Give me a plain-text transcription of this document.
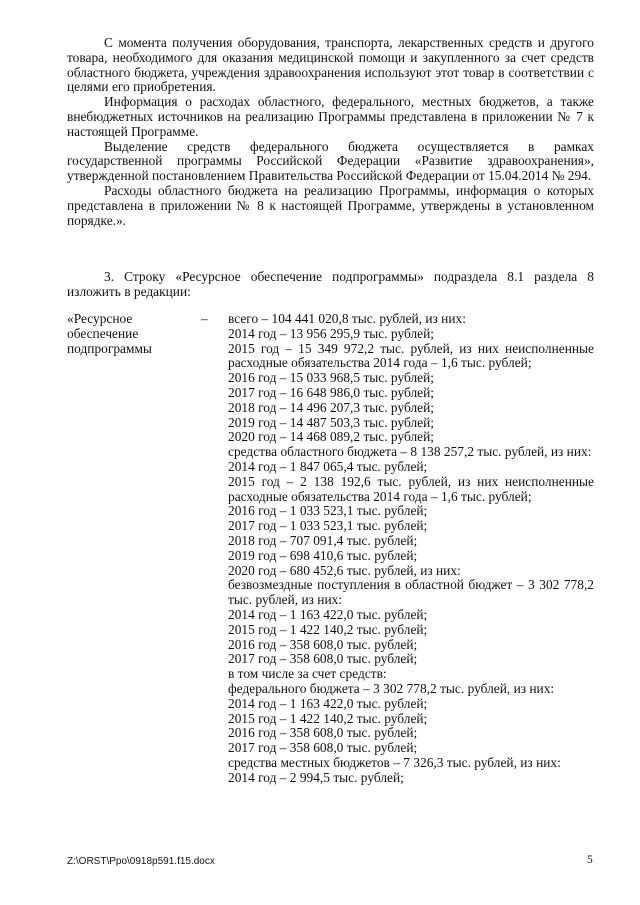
С момента получения оборудования, транспорта, лекарственных средств и другого товара, необходимого для оказания медицинской помощи и закупленного за счет средств областного бюджета, учреждения здравоохранения используют этот товар в соответствии с целями его приобретения.

Информация о расходах областного, федерального, местных бюджетов, а также внебюджетных источников на реализацию Программы представлена в приложении № 7 к настоящей Программе.

Выделение средств федерального бюджета осуществляется в рамках государственной программы Российской Федерации «Развитие здравоохранения», утвержденной постановлением Правительства Российской Федерации от 15.04.2014 № 294.

Расходы областного бюджета на реализацию Программы, информация о которых представлена в приложении № 8 к настоящей Программе, утверждены в установленном порядке.».

3. Строку «Ресурсное обеспечение подпрограммы» подраздела 8.1 раздела 8 изложить в редакции:

«Ресурсное
обеспечение
подпрограммы
– всего – 104 441 020,8 тыс. рублей, из них:

2014 год – 13 956 295,9 тыс. рублей;

2015 год – 15 349 972,2 тыс. рублей, из них неисполненные расходные обязательства 2014 года – 1,6 тыс. рублей;

2016 год – 15 033 968,5 тыс. рублей;

2017 год – 16 648 986,0 тыс. рублей;

2018 год – 14 496 207,3 тыс. рублей;

2019 год – 14 487 503,3 тыс. рублей;

2020 год – 14 468 089,2 тыс. рублей;

средства областного бюджета – 8 138 257,2 тыс. рублей, из них:

2014 год – 1 847 065,4 тыс. рублей;

2015 год – 2 138 192,6 тыс. рублей, из них неисполненные расходные обязательства 2014 года – 1,6 тыс. рублей;

2016 год – 1 033 523,1 тыс. рублей;

2017 год – 1 033 523,1 тыс. рублей;

2018 год – 707 091,4 тыс. рублей;

2019 год – 698 410,6 тыс. рублей;

2020 год – 680 452,6 тыс. рублей, из них:

безвозмездные поступления в областной бюджет – 3 302 778,2 тыс. рублей, из них:

2014 год – 1 163 422,0 тыс. рублей;

2015 год – 1 422 140,2 тыс. рублей;

2016 год – 358 608,0 тыс. рублей;

2017 год – 358 608,0 тыс. рублей;

в том числе за счет средств:

федерального бюджета – 3 302 778,2 тыс. рублей, из них:

2014 год – 1 163 422,0 тыс. рублей;

2015 год – 1 422 140,2 тыс. рублей;

2016 год – 358 608,0 тыс. рублей;

2017 год – 358 608,0 тыс. рублей;

средства местных бюджетов – 7 326,3 тыс. рублей, из них:

2014 год – 2 994,5 тыс. рублей;

Z:\ORST\Ppo\0918p591.f15.docx	5
